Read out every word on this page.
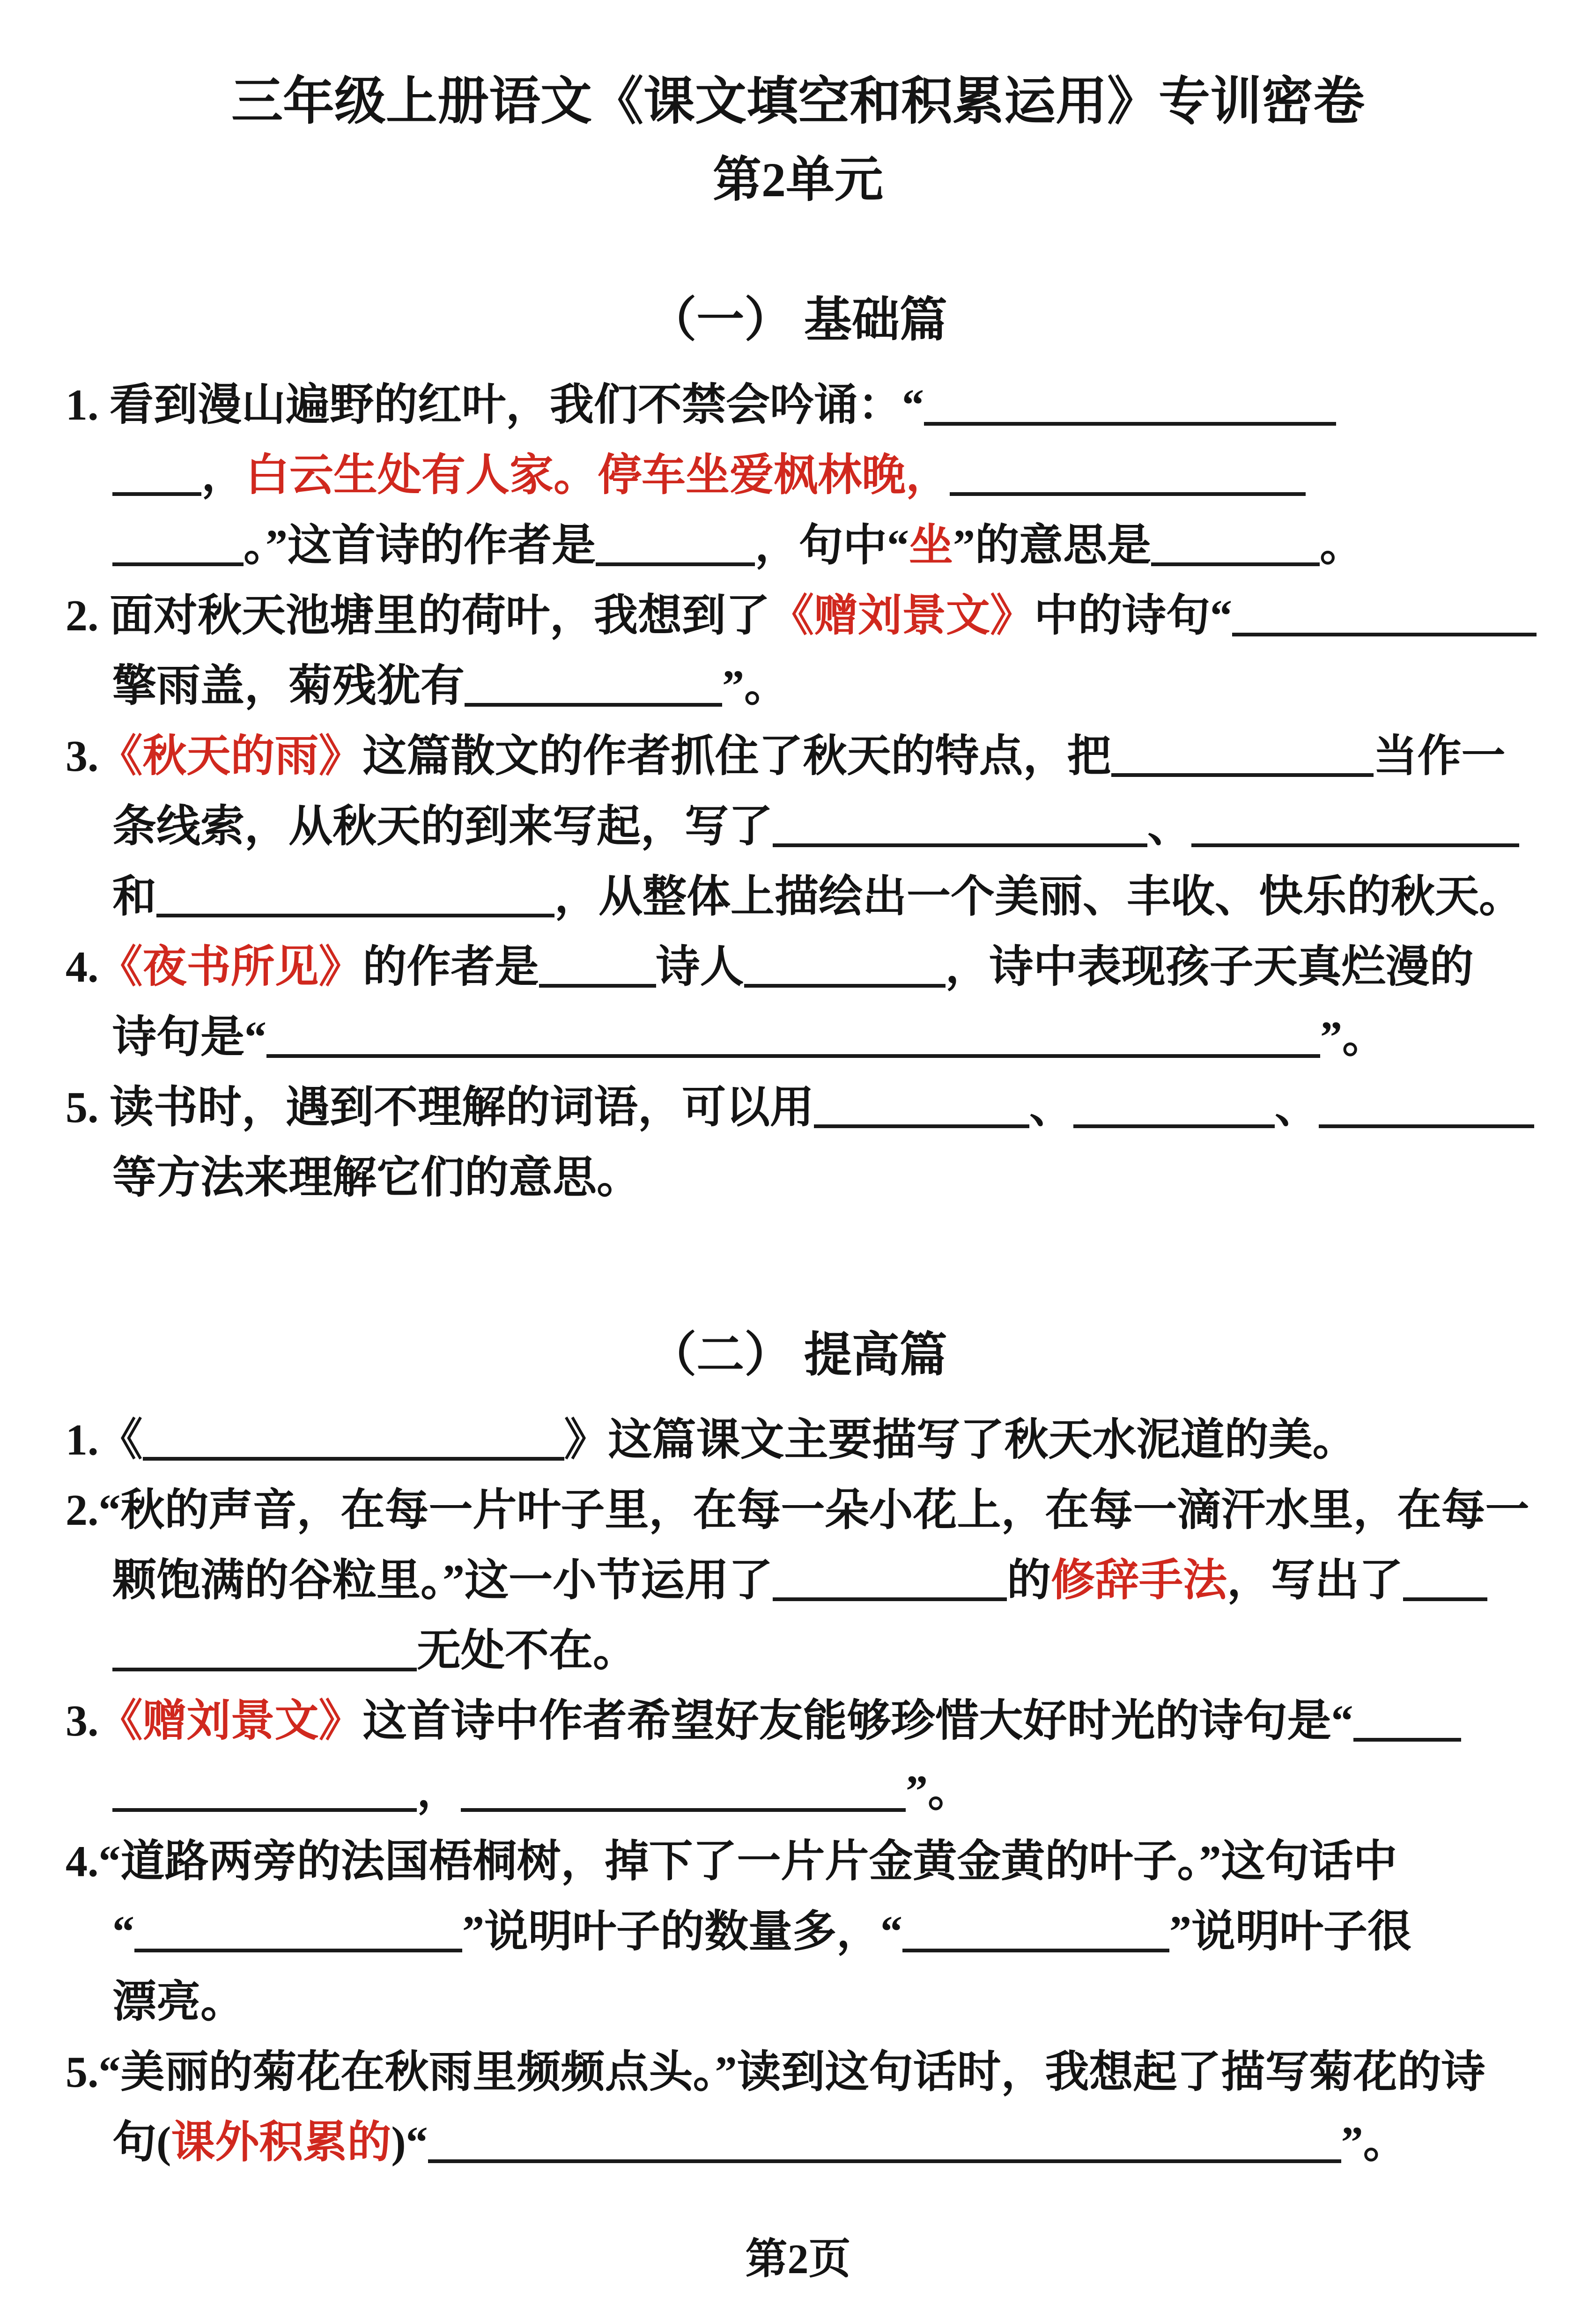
三年级上册语文《课文填空和积累运用》专训密卷
第2单元
（一） 基础篇
1. 看到漫山遍野的红叶，我们不禁会吟诵：“
，白云生处有人家。停车坐爱枫林晚，
。”这首诗的作者是	，句中“坐”的意思是	。
2. 面对秋天池塘里的荷叶，我想到了《赠刘景文》中的诗句“
擎雨盖，菊残犹有	”。
3.《秋天的雨》这篇散文的作者抓住了秋天的特点，把	当作一
条线索，从秋天的到来写起，写了	、
和	，从整体上描绘出一个美丽、丰收、快乐的秋天。
4.《夜书所见》的作者是	诗人	，诗中表现孩子天真烂漫的
诗句是“	”。
5. 读书时，遇到不理解的词语，可以用	、	、
等方法来理解它们的意思。
（二） 提高篇
1.《	》这篇课文主要描写了秋天水泥道的美。
2.“秋的声音，在每一片叶子里，在每一朵小花上，在每一滴汗水里，在每一
颗饱满的谷粒里。”这一小节运用了	的修辞手法，写出了
无处不在。
3.《赠刘景文》这首诗中作者希望好友能够珍惜大好时光的诗句是“
，	”。
4.“道路两旁的法国梧桐树，掉下了一片片金黄金黄的叶子。”这句话中
“	”说明叶子的数量多，“	”说明叶子很
漂亮。
5.“美丽的菊花在秋雨里频频点头。”读到这句话时，我想起了描写菊花的诗
句(课外积累的)“	”。
第2页
